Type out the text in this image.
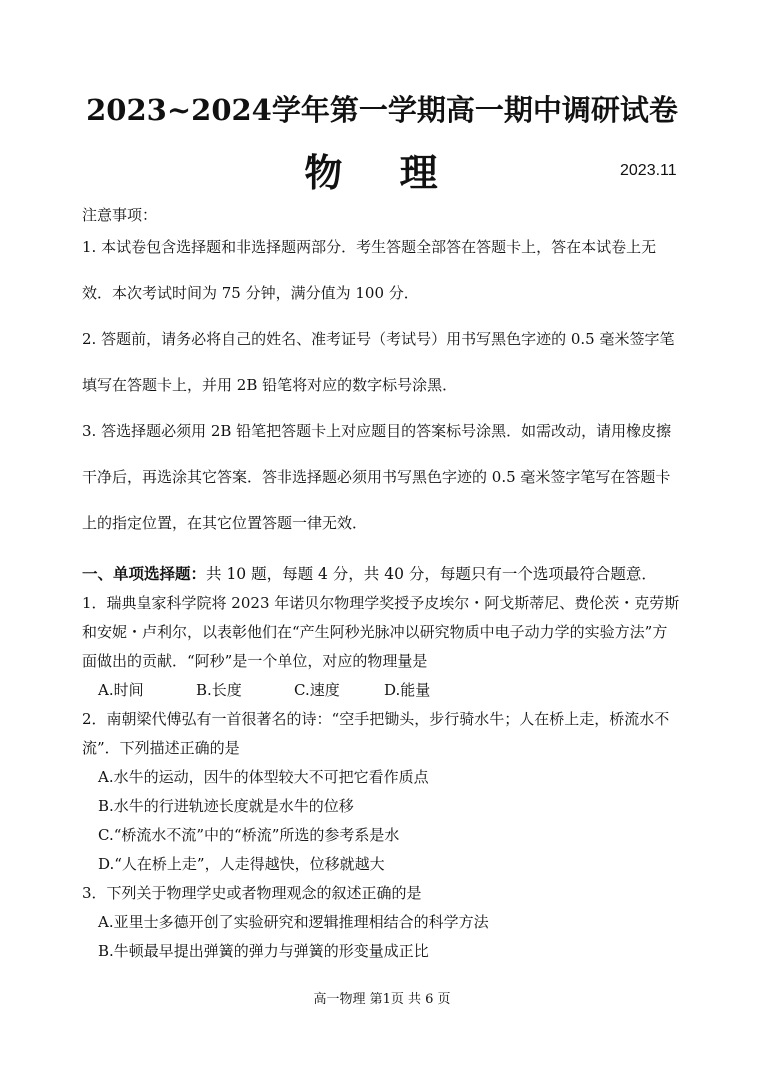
2023~2024学年第一学期高一期中调研试卷
物 理	2023.11
注意事项：
1. 本试卷包含选择题和非选择题两部分．考生答题全部答在答题卡上，答在本试卷上无
效．本次考试时间为 75 分钟，满分值为 100 分．
2. 答题前，请务必将自己的姓名、准考证号（考试号）用书写黑色字迹的 0.5 毫米签字笔
填写在答题卡上，并用 2B 铅笔将对应的数字标号涂黑．
3. 答选择题必须用 2B 铅笔把答题卡上对应题目的答案标号涂黑．如需改动，请用橡皮擦
干净后，再选涂其它答案．答非选择题必须用书写黑色字迹的 0.5 毫米签字笔写在答题卡
上的指定位置，在其它位置答题一律无效．
一、单项选择题：共 10 题，每题 4 分，共 40 分，每题只有一个选项最符合题意．
1．瑞典皇家科学院将 2023 年诺贝尔物理学奖授予皮埃尔・阿戈斯蒂尼、费伦茨・克劳斯
和安妮・卢利尔，以表彰他们在“产生阿秒光脉冲以研究物质中电子动力学的实验方法”方
面做出的贡献．“阿秒”是一个单位，对应的物理量是
A.时间	B.长度	C.速度	D.能量
2．南朝梁代傅弘有一首很著名的诗：“空手把锄头，步行骑水牛；人在桥上走，桥流水不
流”．下列描述正确的是
A.水牛的运动，因牛的体型较大不可把它看作质点
B.水牛的行进轨迹长度就是水牛的位移
C.“桥流水不流”中的“桥流”所选的参考系是水
D.“人在桥上走”，人走得越快，位移就越大
3．下列关于物理学史或者物理观念的叙述正确的是
A.亚里士多德开创了实验研究和逻辑推理相结合的科学方法
B.牛顿最早提出弹簧的弹力与弹簧的形变量成正比
高一物理 第1页 共 6 页
